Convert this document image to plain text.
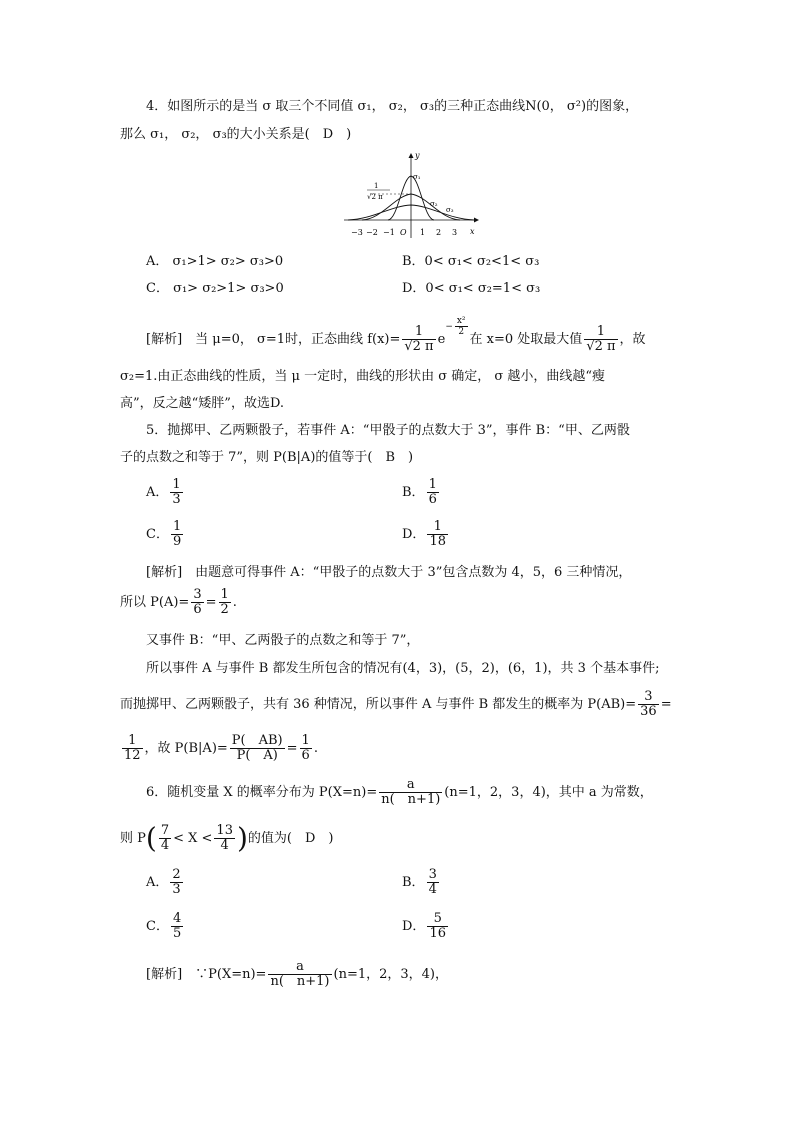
4．如图所示的是当 σ 取三个不同值 σ₁， σ₂， σ₃的三种正态曲线N(0， σ²)的图象，
那么 σ₁， σ₂， σ₃的大小关系是(　D　)
y
x
σ₁
σ₂
σ₃
1
√2 π
O
−3 −2 −1	1 2 3
A． σ₁>1> σ₂> σ₃>0	B．0< σ₁< σ₂<1< σ₃
C． σ₁> σ₂>1> σ₃>0	D．0< σ₁< σ₂=1< σ₃
[解析]　当 μ=0， σ=1时，正态曲线 $f(x)= \frac{1}{√2 \pi} e- \frac{\text{x²}}{2}$
在 x=0 处取最大值 $\frac{1}{√2 \pi}$ ，故
σ₂=1.由正态曲线的性质，当 μ 一定时，曲线的形状由 σ 确定， σ 越小，曲线越“瘦
高”，反之越“矮胖”，故选D.
5．抛掷甲、乙两颗骰子，若事件 A：“甲骰子的点数大于 3”，事件 B：“甲、乙两骰
子的点数之和等于 7”，则 P(B|A)的值等于(　B　)
A． $\frac{1}{3}$	B． $\frac{1}{6}$
C． $\frac{1}{9}$	D． $\frac{1}{18}$
[解析]　由题意可得事件 A：“甲骰子的点数大于 3”包含点数为 4，5，6 三种情况，
所以 $P(A)= \frac{3}{6} = \frac{1}{2}$ .
又事件 B：“甲、乙两骰子的点数之和等于 7”，
所以事件 A 与事件 B 都发生所包含的情况有(4，3)，(5，2)，(6，1)，共 3 个基本事件;
而抛掷甲、乙两颗骰子，共有 36 种情况，所以事件 A 与事件 B 都发生的概率为 $P(AB)= \frac{3}{36}$ =
$\frac{1}{12}$ ，故 $P(B|A)= \frac{P( AB)}{P( A)} = \frac{1}{6}$ .
6．随机变量 X 的概率分布为 $P(X=n)= \frac{a}{n( n+1)} (n=1$，2，3，4)，其中 a 为常数，
则 $P( \frac{7}{4} < X < \frac{13}{4}$ )的值为(　D　)
A． $\frac{2}{3}$	B． $\frac{3}{4}$
C． $\frac{4}{5}$	D． $\frac{5}{16}$
[解析]　∵P(X=n)= $\frac{a}{n( n+1)} (n=1$，2，3，4)，
